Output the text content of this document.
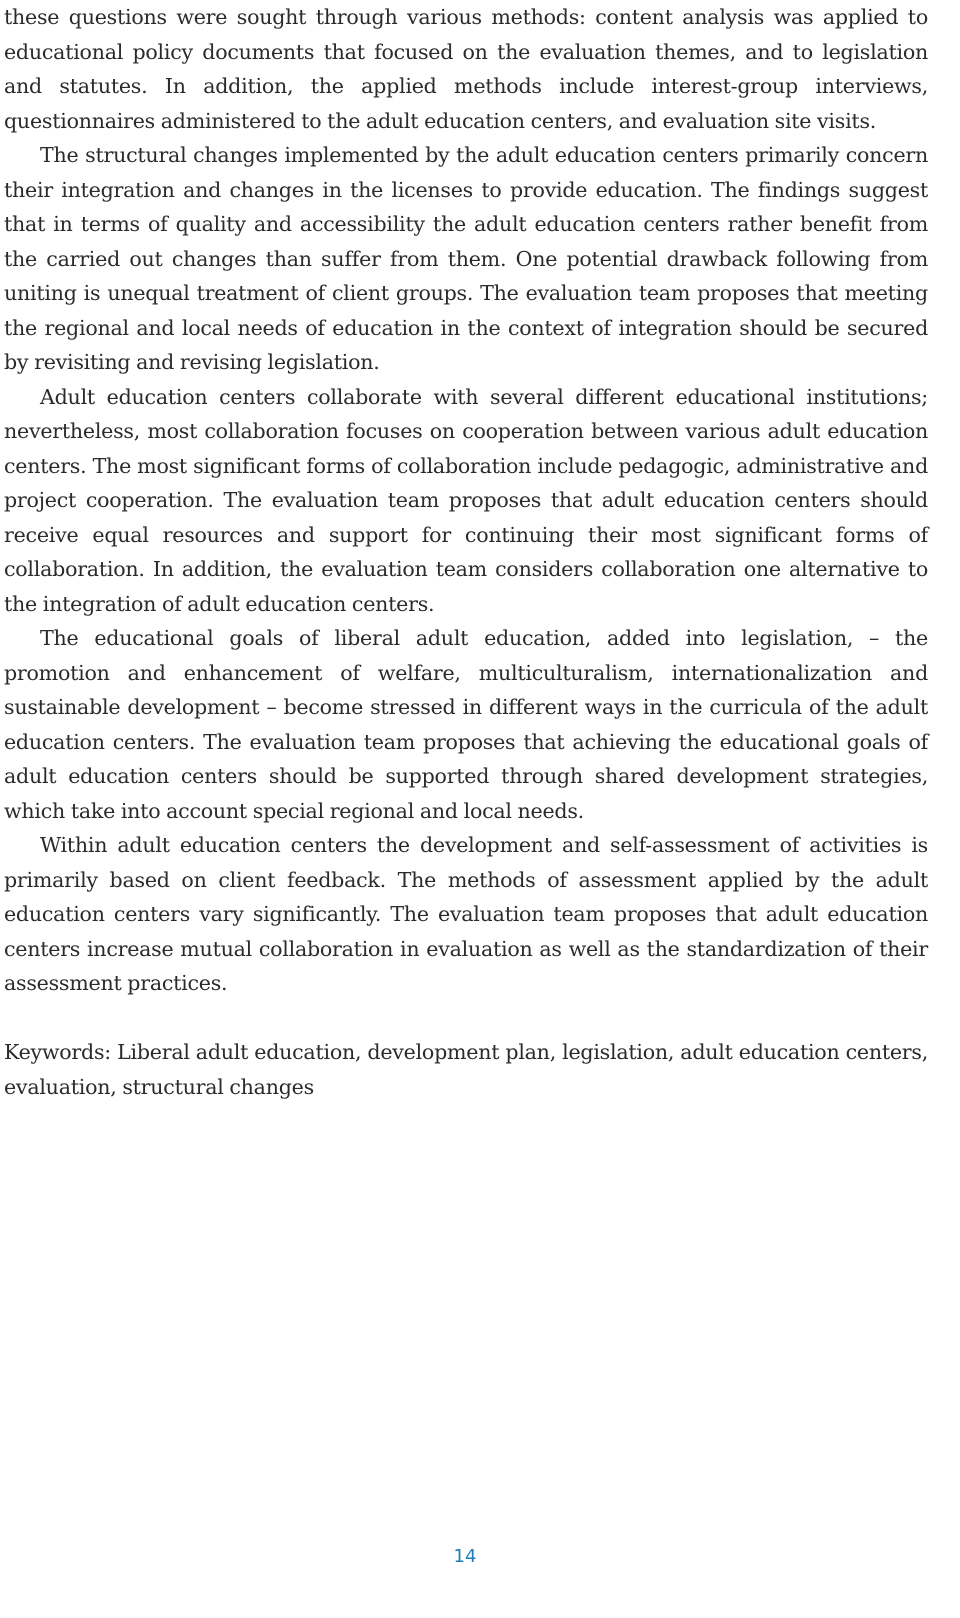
these questions were sought through various methods: content analysis was applied to educational policy documents that focused on the evaluation themes, and to legislation and statutes. In addition, the applied methods include interest-group interviews, questionnaires administered to the adult education centers, and evaluation site visits.

The structural changes implemented by the adult education centers primarily concern their integration and changes in the licenses to provide education. The findings suggest that in terms of quality and accessibility the adult education centers rather benefit from the carried out changes than suffer from them. One potential drawback following from uniting is unequal treatment of client groups. The evaluation team proposes that meeting the regional and local needs of education in the context of integration should be secured by revisiting and revising legislation.

Adult education centers collaborate with several different educational institutions; nevertheless, most collaboration focuses on cooperation between various adult education centers. The most significant forms of collaboration include pedagogic, administrative and project cooperation. The evaluation team proposes that adult education centers should receive equal resources and support for continuing their most significant forms of collaboration. In addition, the evaluation team considers collaboration one alternative to the integration of adult education centers.

The educational goals of liberal adult education, added into legislation, – the promotion and enhancement of welfare, multiculturalism, internationalization and sustainable development – become stressed in different ways in the curricula of the adult education centers. The evaluation team proposes that achieving the educational goals of adult education centers should be supported through shared development strategies, which take into account special regional and local needs.

Within adult education centers the development and self-assessment of activities is primarily based on client feedback. The methods of assessment applied by the adult education centers vary significantly. The evaluation team proposes that adult education centers increase mutual collaboration in evaluation as well as the standardization of their assessment practices.

Keywords: Liberal adult education, development plan, legislation, adult education centers, evaluation, structural changes

14
